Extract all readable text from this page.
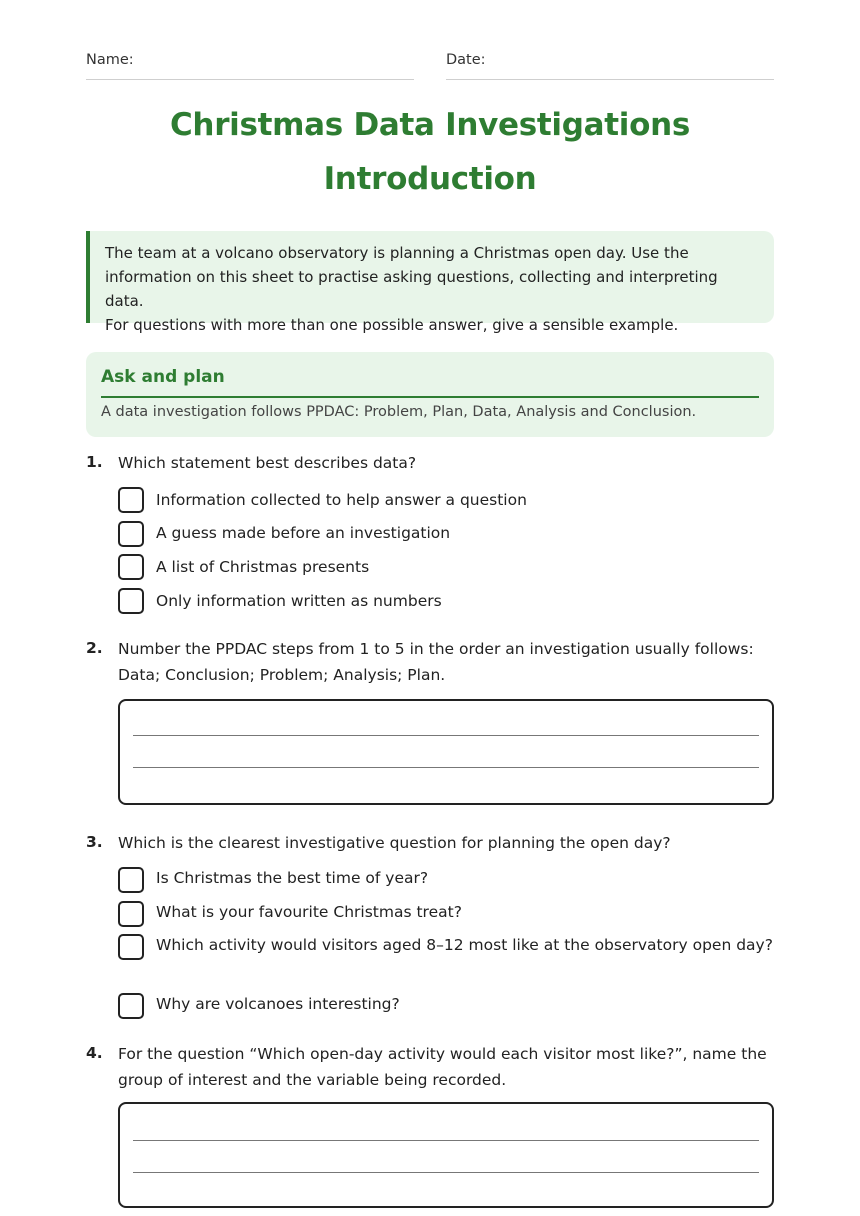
Name:	Date:
Christmas Data Investigations
Introduction
The team at a volcano observatory is planning a Christmas open day. Use the
information on this sheet to practise asking questions, collecting and interpreting data.
For questions with more than one possible answer, give a sensible example.
Ask and plan
A data investigation follows PPDAC: Problem, Plan, Data, Analysis and Conclusion.
1. Which statement best describes data?
Information collected to help answer a question
A guess made before an investigation
A list of Christmas presents
Only information written as numbers
2. Number the PPDAC steps from 1 to 5 in the order an investigation usually follows: Data; Conclusion; Problem; Analysis; Plan.
3. Which is the clearest investigative question for planning the open day?
Is Christmas the best time of year?
What is your favourite Christmas treat?
Which activity would visitors aged 8–12 most like at the observatory open day?
Why are volcanoes interesting?
4. For the question “Which open-day activity would each visitor most like?”, name the group of interest and the variable being recorded.
